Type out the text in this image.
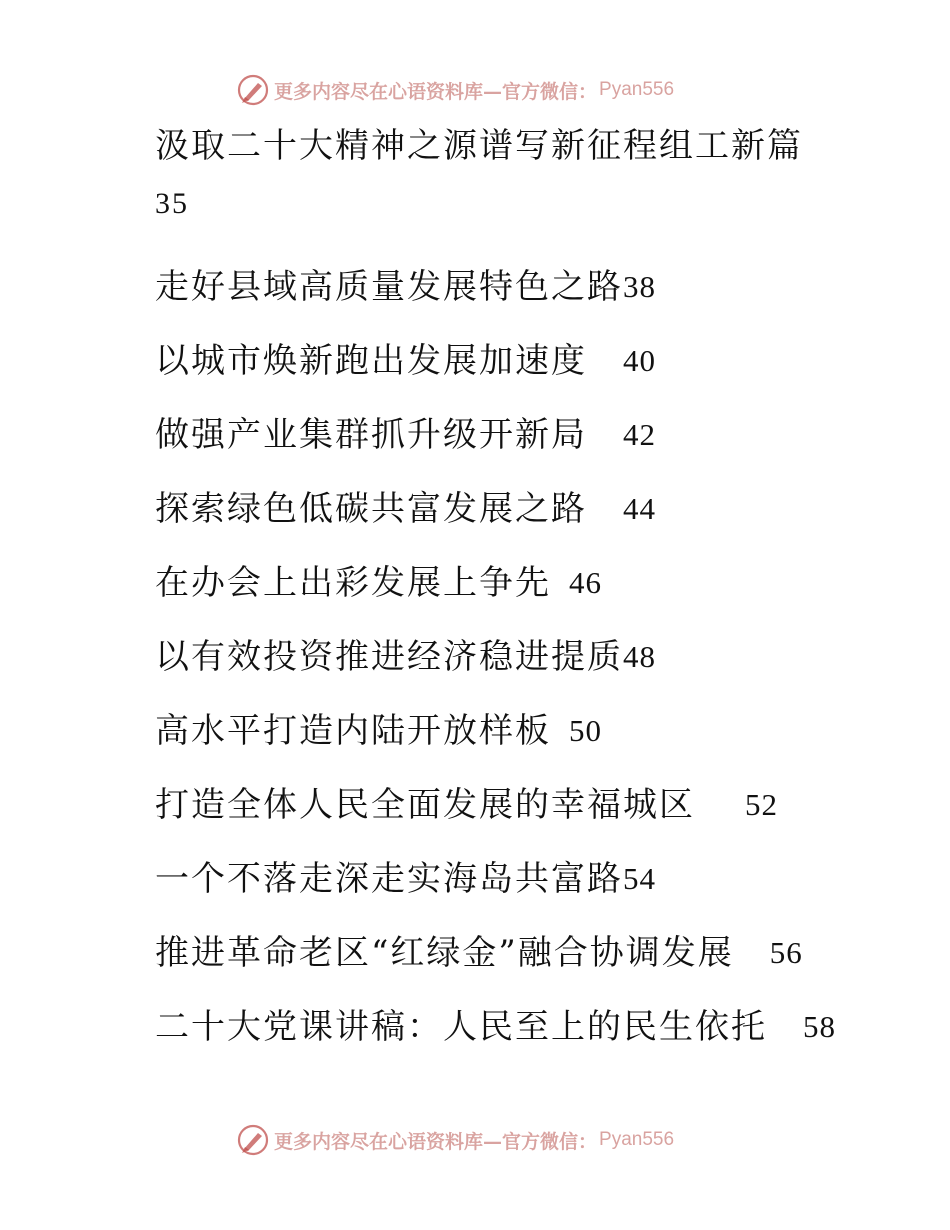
更多内容尽在心语资料库—官方微信： Pyan556
汲取二十大精神之源谱写新征程组工新篇
35
走好县域高质量发展特色之路 38
以城市焕新跑出发展加速度 40
做强产业集群抓升级开新局 42
探索绿色低碳共富发展之路 44
在办会上出彩发展上争先 46
以有效投资推进经济稳进提质 48
高水平打造内陆开放样板 50
打造全体人民全面发展的幸福城区 52
一个不落走深走实海岛共富路 54
推进革命老区“红绿金”融合协调发展 56
二十大党课讲稿：人民至上的民生依托 58
更多内容尽在心语资料库—官方微信： Pyan556
